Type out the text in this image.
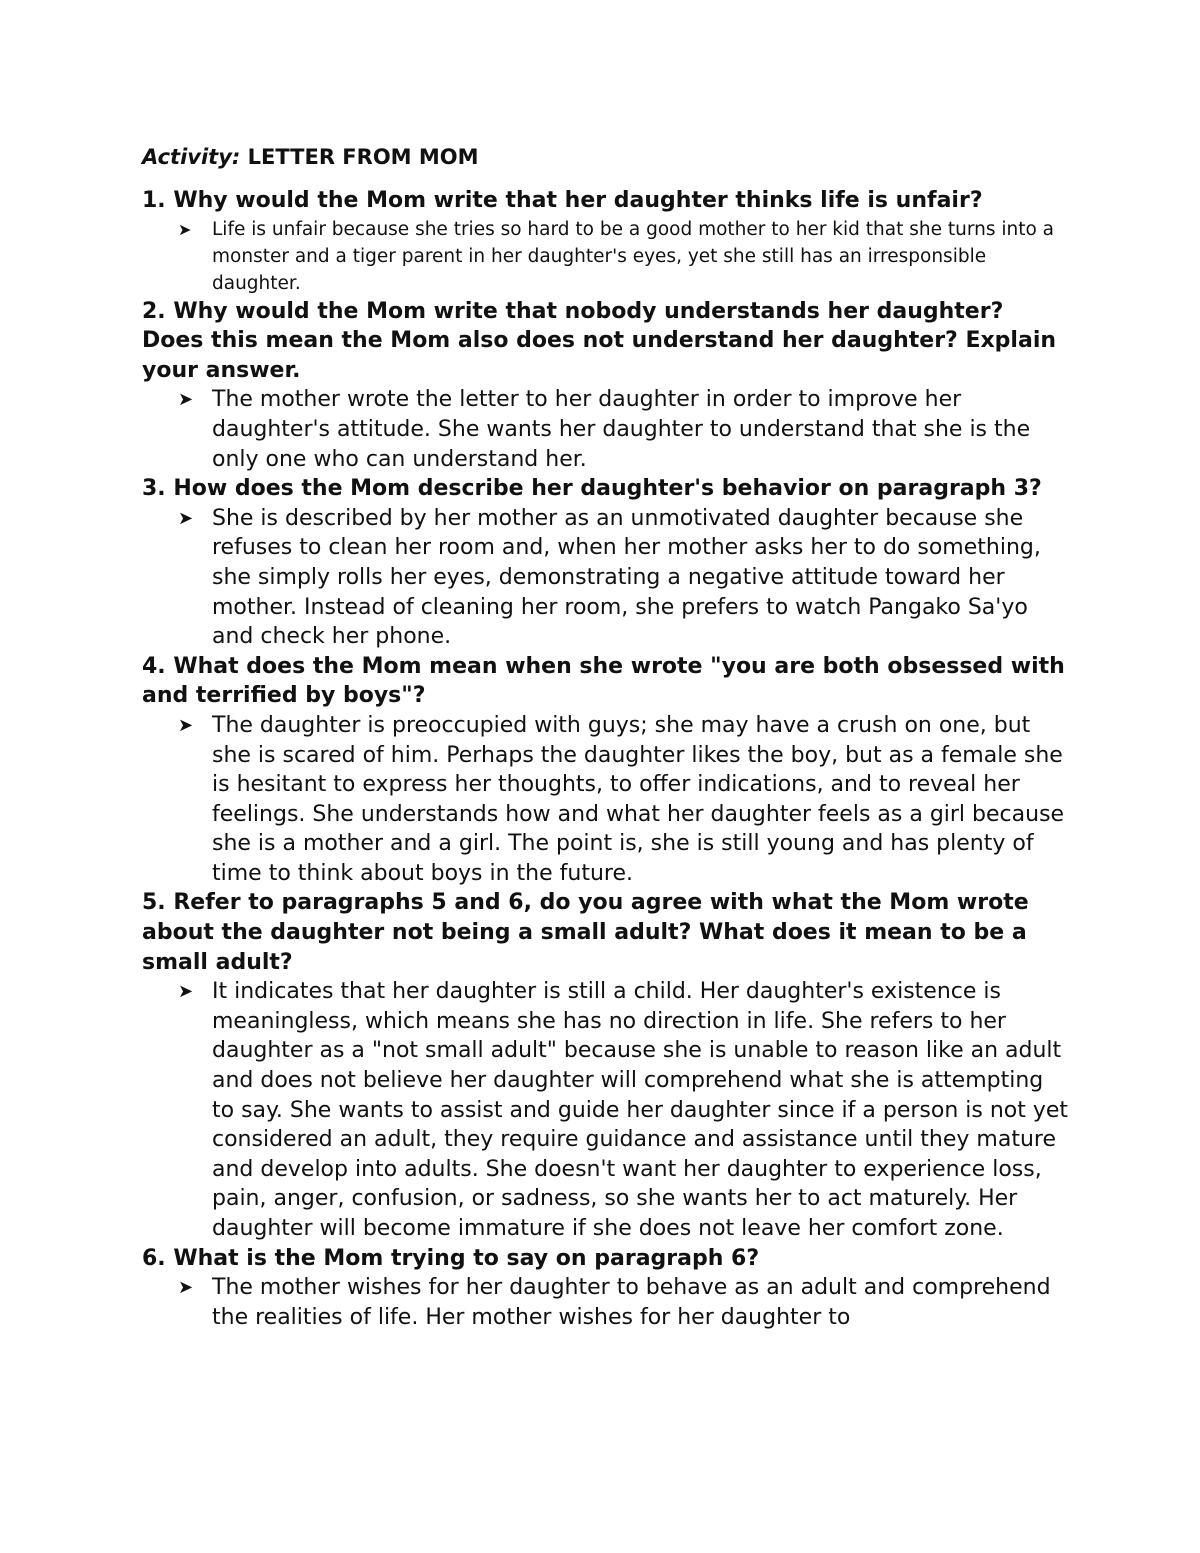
Activity: LETTER FROM MOM

1. Why would the Mom write that her daughter thinks life is unfair?

➤ Life is unfair because she tries so hard to be a good mother to her kid that she turns into a monster and a tiger parent in her daughter's eyes, yet she still has an irresponsible daughter.

2. Why would the Mom write that nobody understands her daughter? Does this mean the Mom also does not understand her daughter? Explain your answer.

➤ The mother wrote the letter to her daughter in order to improve her daughter's attitude. She wants her daughter to understand that she is the only one who can understand her.

3. How does the Mom describe her daughter's behavior on paragraph 3?

➤ She is described by her mother as an unmotivated daughter because she refuses to clean her room and, when her mother asks her to do something, she simply rolls her eyes, demonstrating a negative attitude toward her mother. Instead of cleaning her room, she prefers to watch Pangako Sa'yo and check her phone.

4. What does the Mom mean when she wrote "you are both obsessed with and terrified by boys"?

➤ The daughter is preoccupied with guys; she may have a crush on one, but she is scared of him. Perhaps the daughter likes the boy, but as a female she is hesitant to express her thoughts, to offer indications, and to reveal her feelings. She understands how and what her daughter feels as a girl because she is a mother and a girl. The point is, she is still young and has plenty of time to think about boys in the future.

5. Refer to paragraphs 5 and 6, do you agree with what the Mom wrote about the daughter not being a small adult? What does it mean to be a small adult?

➤ It indicates that her daughter is still a child. Her daughter's existence is meaningless, which means she has no direction in life. She refers to her daughter as a "not small adult" because she is unable to reason like an adult and does not believe her daughter will comprehend what she is attempting to say. She wants to assist and guide her daughter since if a person is not yet considered an adult, they require guidance and assistance until they mature and develop into adults. She doesn't want her daughter to experience loss, pain, anger, confusion, or sadness, so she wants her to act maturely. Her daughter will become immature if she does not leave her comfort zone.

6. What is the Mom trying to say on paragraph 6?

➤ The mother wishes for her daughter to behave as an adult and comprehend the realities of life. Her mother wishes for her daughter to
